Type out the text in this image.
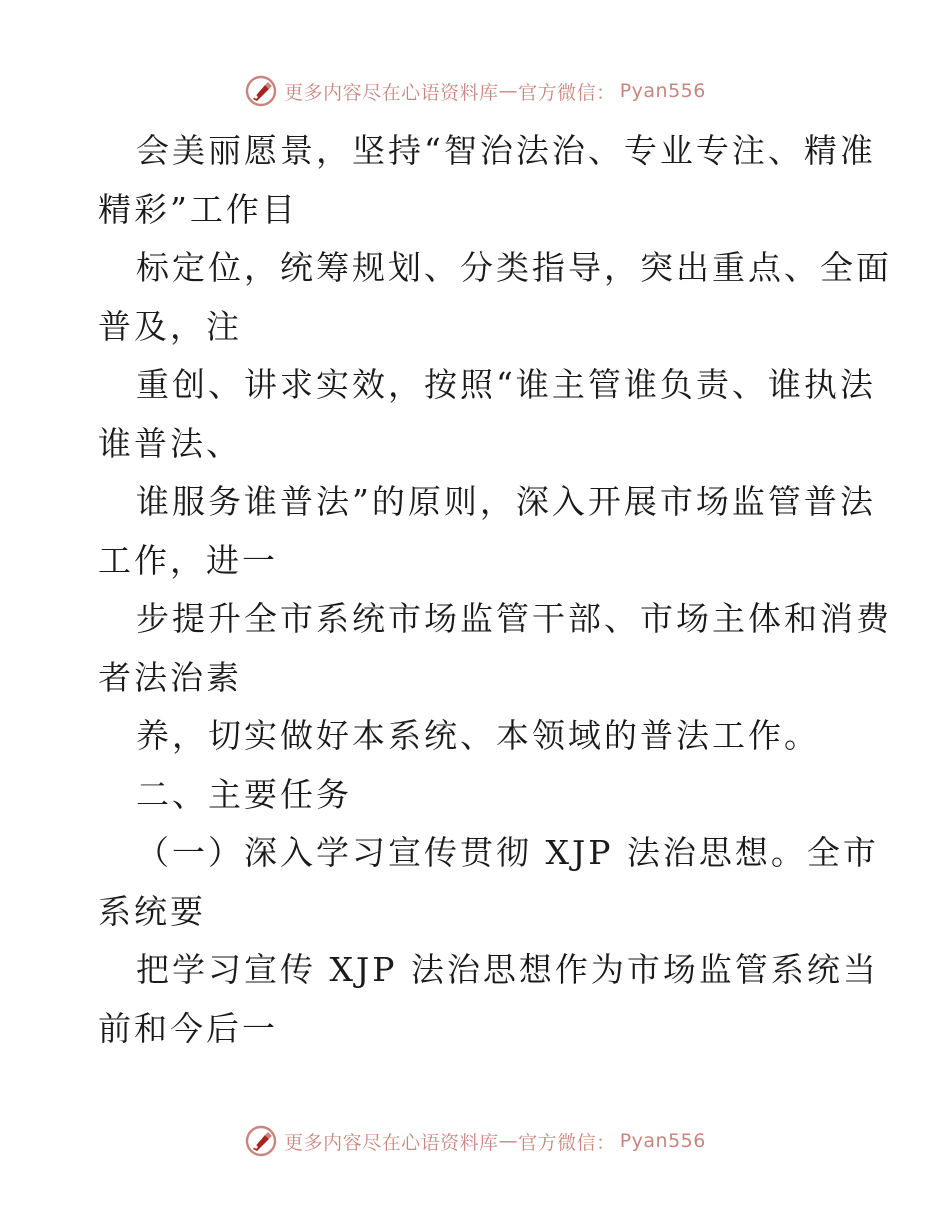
更多内容尽在心语资料库 — 官方微信： Pyan556
会美丽愿景，坚持“智治法治、专业专注、精准
精彩”工作目
标定位，统筹规划、分类指导，突出重点、全面
普及，注
重创、讲求实效，按照“谁主管谁负责、谁执法
谁普法、
谁服务谁普法”的原则，深入开展市场监管普法
工作，进一
步提升全市系统市场监管干部、市场主体和消费
者法治素
养，切实做好本系统、本领域的普法工作。
二、主要任务
（一）深入学习宣传贯彻 XJP 法治思想。全市
系统要
把学习宣传 XJP 法治思想作为市场监管系统当
前和今后一
更多内容尽在心语资料库 — 官方微信： Pyan556
